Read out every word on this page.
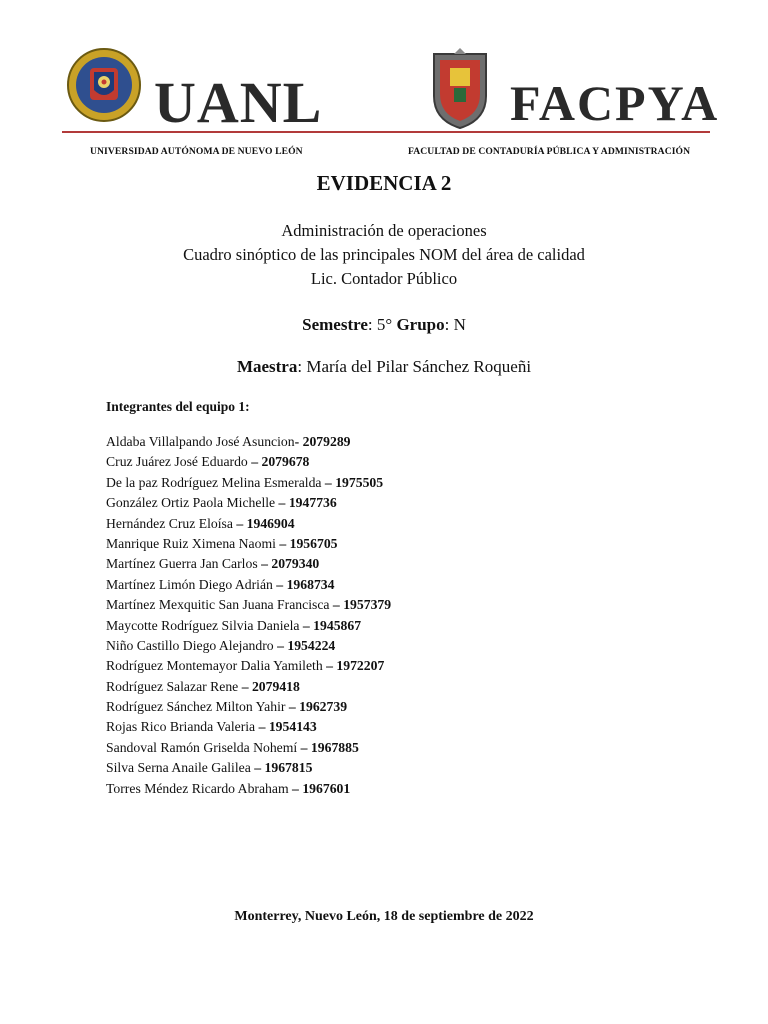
UANL	FACPYA
UNIVERSIDAD AUTÓNOMA DE NUEVO LEÓN	FACULTAD DE CONTADURÍA PÚBLICA Y ADMINISTRACIÓN
EVIDENCIA 2
Administración de operaciones
Cuadro sinóptico de las principales NOM del área de calidad
Lic. Contador Público
Semestre: 5° Grupo: N
Maestra: María del Pilar Sánchez Roqueñi
Integrantes del equipo 1:
Aldaba Villalpando José Asuncion- 2079289
Cruz Juárez José Eduardo – 2079678
De la paz Rodríguez Melina Esmeralda – 1975505
González Ortiz Paola Michelle – 1947736
Hernández Cruz Eloísa – 1946904
Manrique Ruiz Ximena Naomi – 1956705
Martínez Guerra Jan Carlos – 2079340
Martínez Limón Diego Adrián – 1968734
Martínez Mexquitic San Juana Francisca – 1957379
Maycotte Rodríguez Silvia Daniela – 1945867
Niño Castillo Diego Alejandro – 1954224
Rodríguez Montemayor Dalia Yamileth – 1972207
Rodríguez Salazar Rene – 2079418
Rodríguez Sánchez Milton Yahir – 1962739
Rojas Rico Brianda Valeria – 1954143
Sandoval Ramón Griselda Nohemí – 1967885
Silva Serna Anaile Galilea – 1967815
Torres Méndez Ricardo Abraham – 1967601
Monterrey, Nuevo León, 18 de septiembre de 2022
